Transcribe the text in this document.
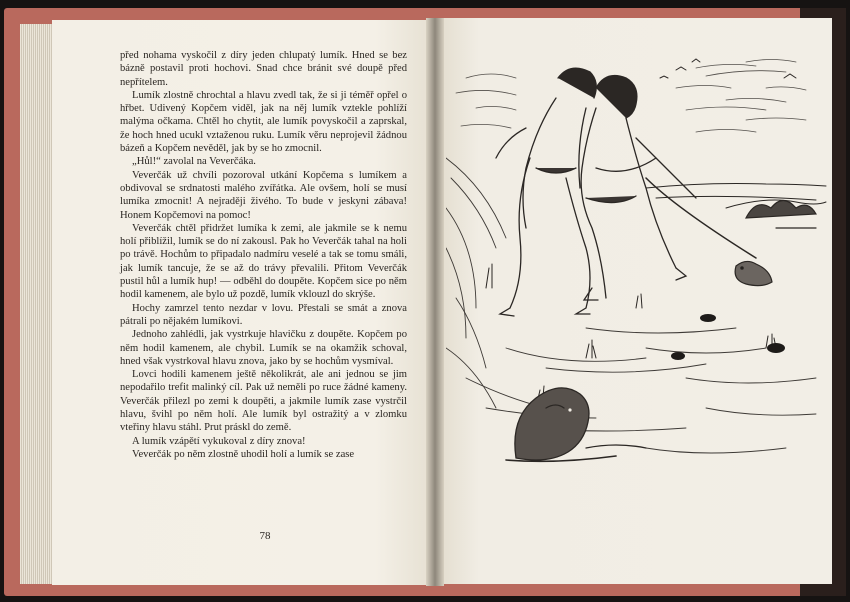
před nohama vyskočil z díry jeden chlupatý lumík. Hned se bez bázně postavil proti hochovi. Snad chce bránit své doupě před nepřítelem.

Lumík zlostně chrochtal a hlavu zvedl tak, že si ji téměř opřel o hřbet. Udivený Kopčem viděl, jak na něj lumík vztekle pohlíží malýma očkama. Chtěl ho chytit, ale lumík povyskočil a zaprskal, že hoch hned ucukl vztaženou ruku. Lumík věru neprojevil žádnou bázeň a Kopčem nevěděl, jak by se ho zmocnil.

„Hůl!“ zavolal na Veverčáka.

Veverčák už chvíli pozoroval utkání Kopčema s lumíkem a obdivoval se srdnatosti malého zvířátka. Ale ovšem, holí se musí lumíka zmocnit! A nejraději živého. To bude v jeskyni zábava! Honem Kopčemovi na pomoc!

Veverčák chtěl přidržet lumíka k zemi, ale jakmile se k nemu holí přiblížil, lumík se do ní zakousl. Pak ho Veverčák tahal na holi po trávě. Hochům to připadalo nadmíru veselé a tak se tomu smáli, jak lumík tancuje, že se až do trávy převalili. Přitom Veverčák pustil hůl a lumík hup! — odběhl do doupěte. Kopčem sice po něm hodil kamenem, ale bylo už pozdě, lumík vklouzl do skrýše.

Hochy zamrzel tento nezdar v lovu. Přestali se smát a znova pátrali po nějakém lumíkovi.

Jednoho zahlédli, jak vystrkuje hlavičku z doupěte. Kopčem po něm hodil kamenem, ale chybil. Lumík se na okamžik schoval, hned však vystrkoval hlavu znova, jako by se hochům vysmíval.

Lovci hodili kamenem ještě několikrát, ale ani jednou se jim nepodařilo trefit malinký cíl. Pak už neměli po ruce žádné kameny. Veverčák přilezl po zemi k doupěti, a jakmile lumík zase vystrčil hlavu, švihl po něm holí. Ale lumík byl ostražitý a v zlomku vteřiny hlavu stáhl. Prut práskl do země.

A lumík vzápětí vykukoval z díry znova!

Veverčák po něm zlostně uhodil holí a lumík se zase

78
